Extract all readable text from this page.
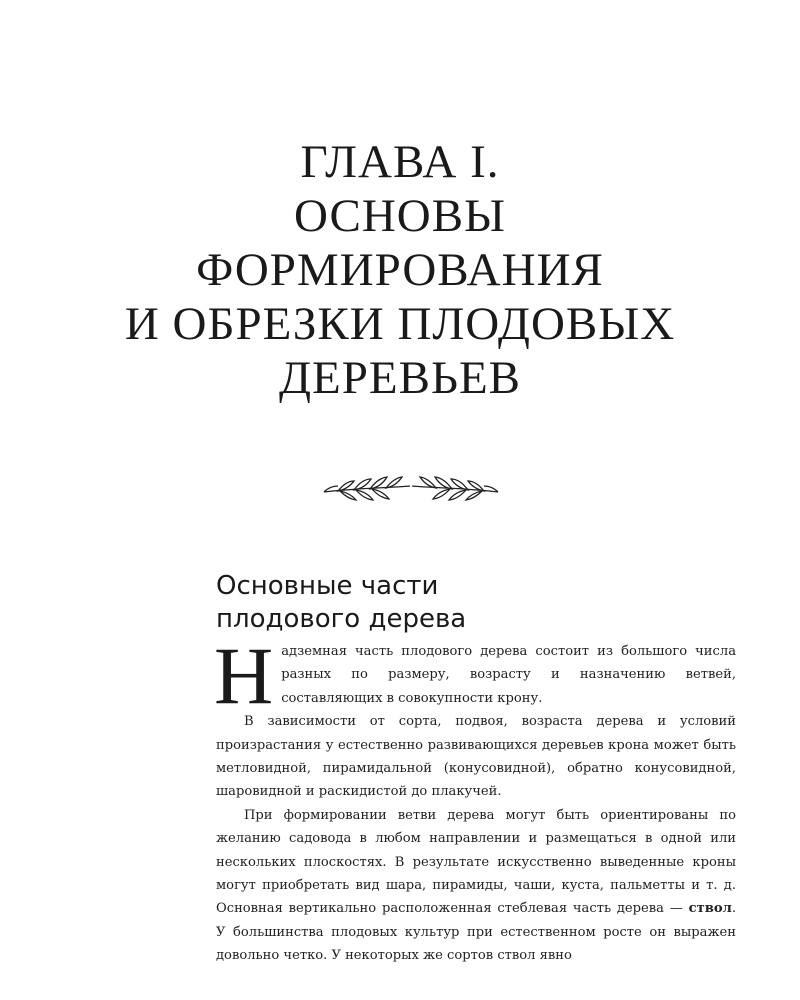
ГЛАВА I.
ОСНОВЫ
ФОРМИРОВАНИЯ
И ОБРЕЗКИ ПЛОДОВЫХ
ДЕРЕВЬЕВ
Основные части
плодового дерева

Н адземная часть плодового дерева состоит из большого числа разных по размеру, возрасту и назначению ветвей, составляющих в совокупности крону.

В зависимости от сорта, подвоя, возраста дерева и условий произрастания у естественно развивающихся деревьев крона может быть метловидной, пирамидальной (конусовидной), обратно конусовидной, шаровидной и раскидистой до плакучей.

При формировании ветви дерева могут быть ориентированы по желанию садовода в любом направлении и размещаться в одной или нескольких плоскостях. В результате искусственно выведенные кроны могут приобретать вид шара, пирамиды, чаши, куста, пальметты и т. д. Основная вертикально расположенная стеблевая часть дерева — ствол. У большинства плодовых культур при естественном росте он выражен довольно четко. У некоторых же сортов ствол явно
